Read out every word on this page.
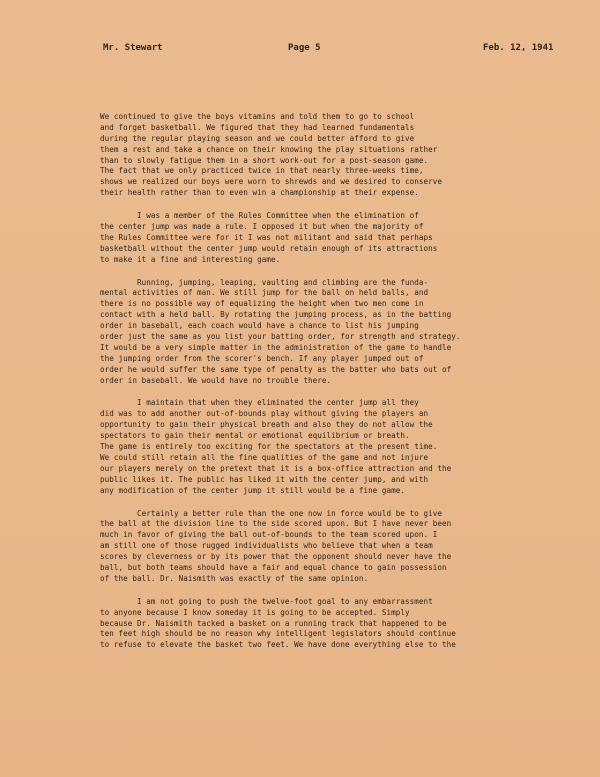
Mr. Stewart	Page 5	Feb. 12, 1941
We continued to give the boys vitamins and told them to go to school
and forget basketball. We figured that they had learned fundamentals
during the regular playing season and we could better afford to give
them a rest and take a chance on their knowing the play situations rather
than to slowly fatigue them in a short work-out for a post-season game.
The fact that we only practiced twice in that nearly three-weeks time,
shows we realized our boys were worn to shrewds and we desired to conserve
their health rather than to even win a championship at their expense.
I was a member of the Rules Committee when the elimination of
the center jump was made a rule. I opposed it but when the majority of
the Rules Committee were for it I was not militant and said that perhaps
basketball without the center jump would retain enough of its attractions
to make it a fine and interesting game.
Running, jumping, leaping, vaulting and climbing are the funda-
mental activities of man. We still jump for the ball on held balls, and
there is no possible way of equalizing the height when two men come in
contact with a held ball. By rotating the jumping process, as in the batting
order in baseball, each coach would have a chance to list his jumping
order just the same as you list your batting order, for strength and strategy.
It would be a very simple matter in the administration of the game to handle
the jumping order from the scorer's bench. If any player jumped out of
order he would suffer the same type of penalty as the batter who bats out of
order in baseball. We would have no trouble there.
I maintain that when they eliminated the center jump all they
did was to add another out-of-bounds play without giving the players an
opportunity to gain their physical breath and also they do not allow the
spectators to gain their mental or emotional equilibrium or breath.
The game is entirely too exciting for the spectators at the present time.
We could still retain all the fine qualities of the game and not injure
our players merely on the pretext that it is a box-office attraction and the
public likes it. The public has liked it with the center jump, and with
any modification of the center jump it still would be a fine game.
Certainly a better rule than the one now in force would be to give
the ball at the division line to the side scored upon. But I have never been
much in favor of giving the ball out-of-bounds to the team scored upon. I
am still one of those rugged individualists who believe that when a team
scores by cleverness or by its power that the opponent should never have the
ball, but both teams should have a fair and equal chance to gain possession
of the ball. Dr. Naismith was exactly of the same opinion.
I am not going to push the twelve-foot goal to any embarrassment
to anyone because I know someday it is going to be accepted. Simply
because Dr. Naismith tacked a basket on a running track that happened to be
ten feet high should be no reason why intelligent legislators should continue
to refuse to elevate the basket two feet. We have done everything else to the
